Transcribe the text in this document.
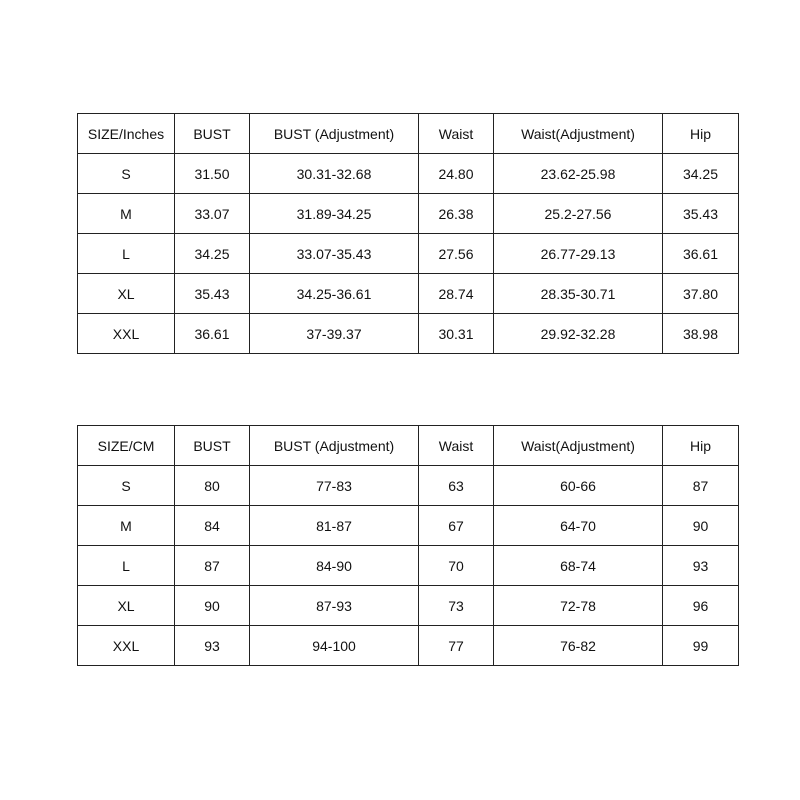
SIZE/Inches	BUST	BUST (Adjustment)	Waist	Waist(Adjustment)	Hip
S	31.50	30.31-32.68	24.80	23.62-25.98	34.25
M	33.07	31.89-34.25	26.38	25.2-27.56	35.43
L	34.25	33.07-35.43	27.56	26.77-29.13	36.61
XL	35.43	34.25-36.61	28.74	28.35-30.71	37.80
XXL	36.61	37-39.37	30.31	29.92-32.28	38.98
SIZE/CM	BUST	BUST (Adjustment)	Waist	Waist(Adjustment)	Hip
S	80	77-83	63	60-66	87
M	84	81-87	67	64-70	90
L	87	84-90	70	68-74	93
XL	90	87-93	73	72-78	96
XXL	93	94-100	77	76-82	99
